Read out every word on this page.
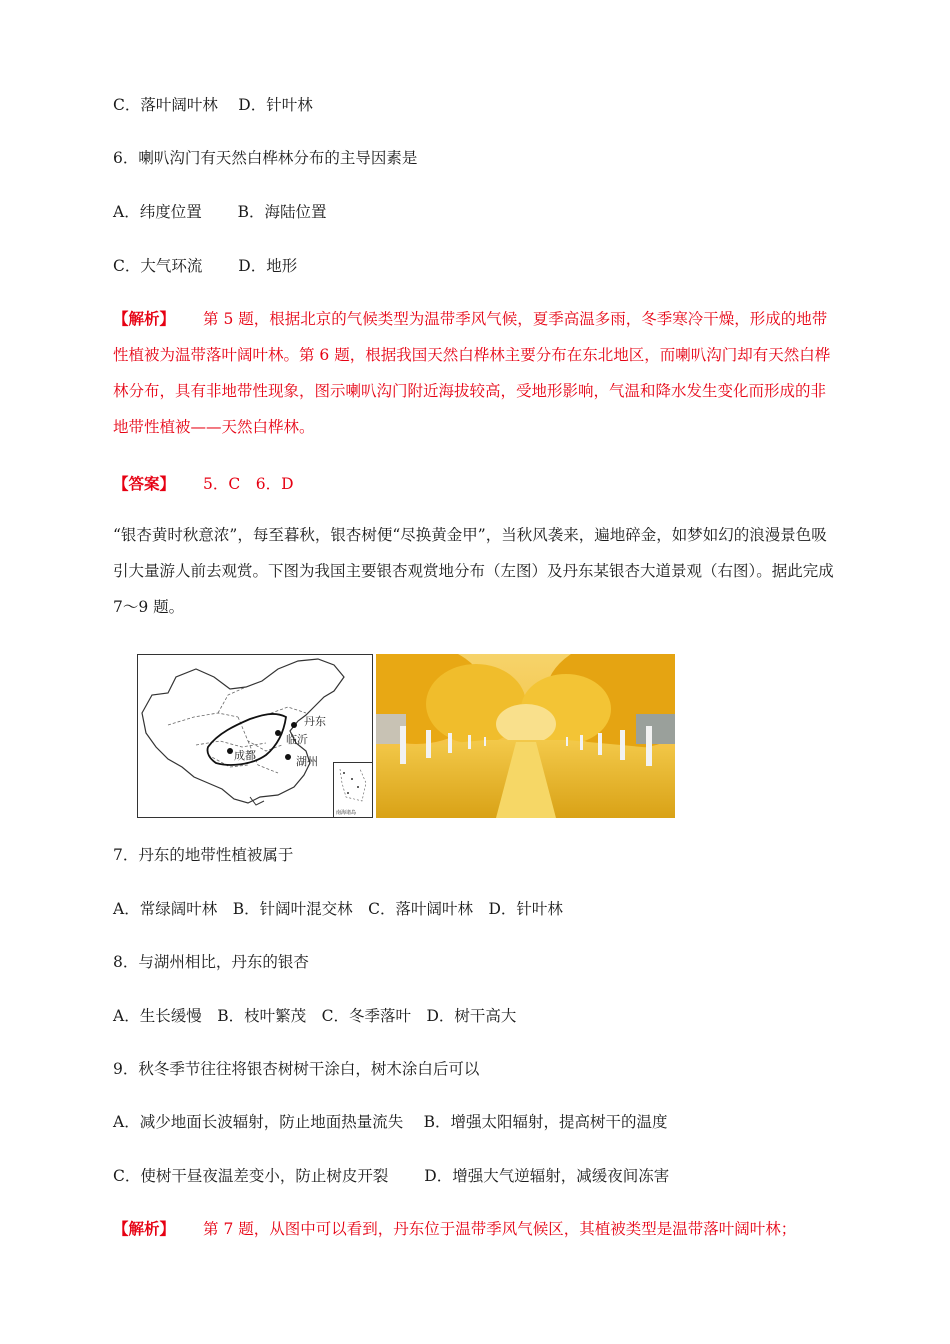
C．落叶阔叶林　 D．针叶林
6．喇叭沟门有天然白桦林分布的主导因素是
A．纬度位置　　 B．海陆位置
C．大气环流　　 D．地形
【解析】 第 5 题，根据北京的气候类型为温带季风气候，夏季高温多雨，冬季寒冷干燥，形成的地带性植被为温带落叶阔叶林。第 6 题，根据我国天然白桦林主要分布在东北地区，而喇叭沟门却有天然白桦林分布，具有非地带性现象，图示喇叭沟门附近海拔较高，受地形影响，气温和降水发生变化而形成的非地带性植被——天然白桦林。
【答案】 5．C　6．D
“银杏黄时秋意浓”，每至暮秋，银杏树便“尽换黄金甲”，当秋风袭来，遍地碎金，如梦如幻的浪漫景色吸引大量游人前去观赏。下图为我国主要银杏观赏地分布（左图）及丹东某银杏大道景观（右图）。据此完成 7～9 题。
丹东
临沂
成都	湖州
南海诸岛
7．丹东的地带性植被属于
A．常绿阔叶林　B．针阔叶混交林　C．落叶阔叶林　D．针叶林
8．与湖州相比，丹东的银杏
A．生长缓慢　B．枝叶繁茂　C．冬季落叶　D．树干高大
9．秋冬季节往往将银杏树树干涂白，树木涂白后可以
A．减少地面长波辐射，防止地面热量流失　 B．增强太阳辐射，提高树干的温度
C．使树干昼夜温差变小，防止树皮开裂　　 D．增强大气逆辐射，减缓夜间冻害
【解析】 第 7 题，从图中可以看到，丹东位于温带季风气候区，其植被类型是温带落叶阔叶林；
